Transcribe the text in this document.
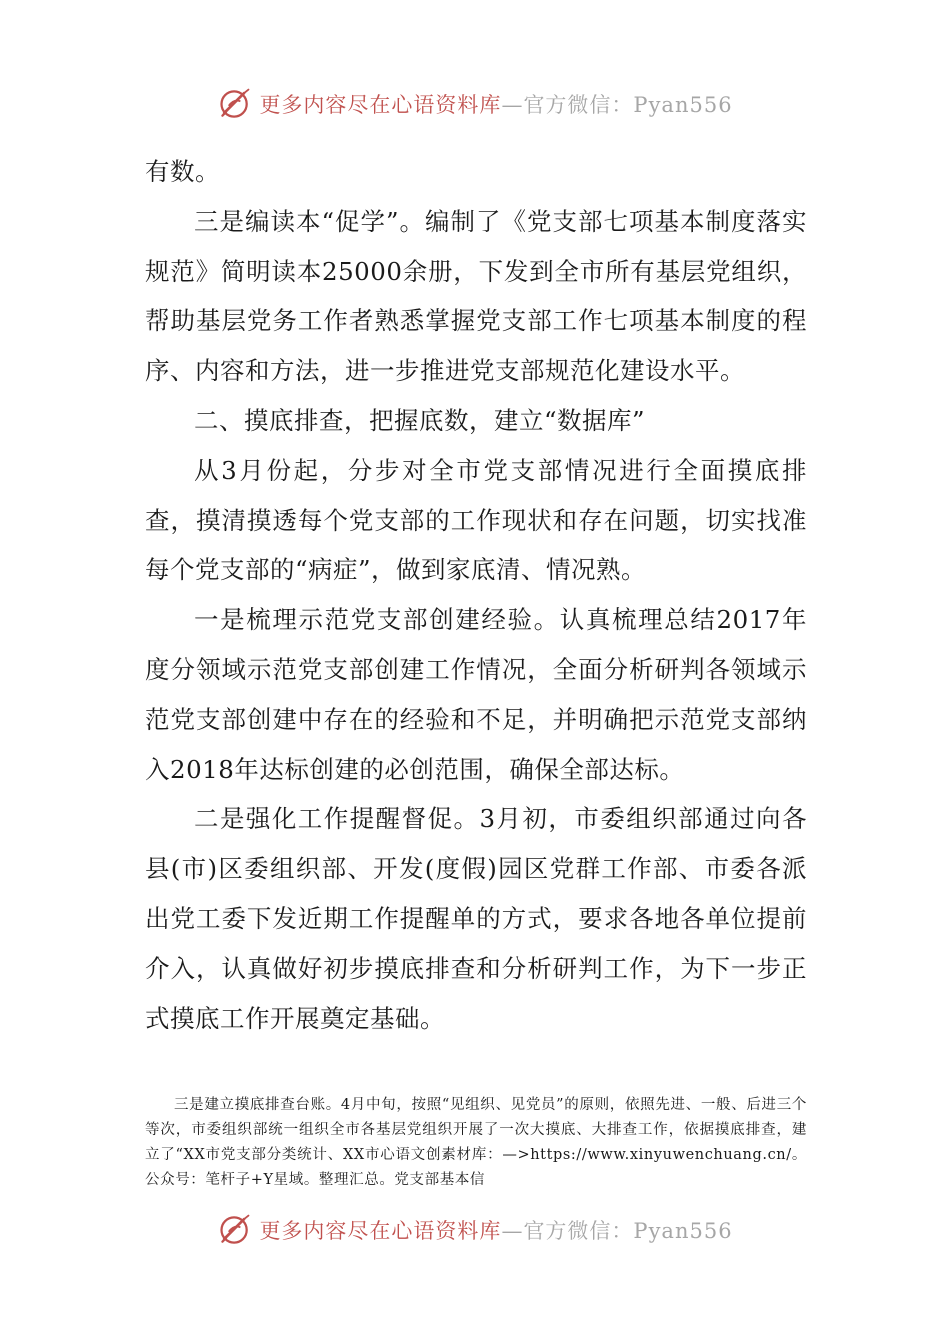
更多内容尽在心语资料库—官方微信：Pyan556

有数。

三是编读本“促学”。编制了《党支部七项基本制度落实规范》简明读本25000余册，下发到全市所有基层党组织，帮助基层党务工作者熟悉掌握党支部工作七项基本制度的程序、内容和方法，进一步推进党支部规范化建设水平。

二、摸底排查，把握底数，建立“数据库”

从3月份起，分步对全市党支部情况进行全面摸底排查，摸清摸透每个党支部的工作现状和存在问题，切实找准每个党支部的“病症”，做到家底清、情况熟。

一是梳理示范党支部创建经验。认真梳理总结2017年度分领域示范党支部创建工作情况，全面分析研判各领域示范党支部创建中存在的经验和不足，并明确把示范党支部纳入2018年达标创建的必创范围，确保全部达标。

二是强化工作提醒督促。3月初，市委组织部通过向各县(市)区委组织部、开发(度假)园区党群工作部、市委各派出党工委下发近期工作提醒单的方式，要求各地各单位提前介入，认真做好初步摸底排查和分析研判工作，为下一步正式摸底工作开展奠定基础。

三是建立摸底排查台账。4月中旬，按照“见组织、见党员”的原则，依照先进、一般、后进三个等次，市委组织部统一组织全市各基层党组织开展了一次大摸底、大排查工作，依据摸底排查，建立了“XX市党支部分类统计、XX市心语文创素材库：—>https://www.xinyuwenchuang.cn/。公众号：笔杆子+Y星域。整理汇总。党支部基本信

更多内容尽在心语资料库—官方微信：Pyan556
